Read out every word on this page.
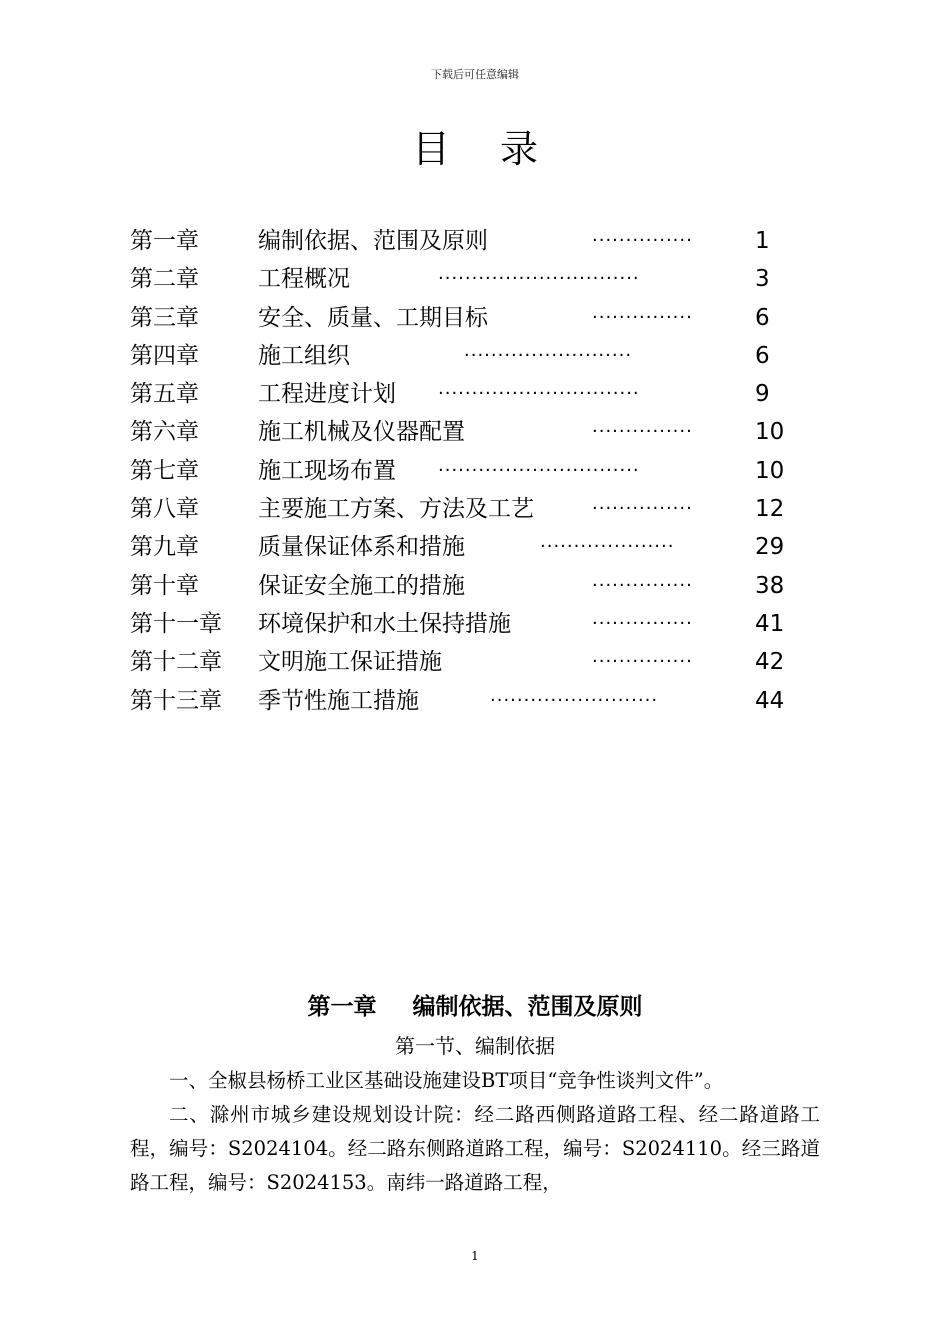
下载后可任意编辑
目录
第一章	编制依据、范围及原则	···············	1
第二章	工程概况	······························	3
第三章	安全、质量、工期目标	···············	6
第四章	施工组织	·························	6
第五章	工程进度计划 ······························	9
第六章	施工机械及仪器配置	···············	10
第七章	施工现场布置 ······························	10
第八章	主要施工方案、方法及工艺	···············	12
第九章	质量保证体系和措施	····················	29
第十章	保证安全施工的措施	···············	38
第十一章 环境保护和水土保持措施	···············	41
第十二章 文明施工保证措施	···············	42
第十三章 季节性施工措施	·························	44
第一章 编制依据、范围及原则
第一节、编制依据

一、全椒县杨桥工业区基础设施建设BT项目“竞争性谈判文件”。

二、滁州市城乡建设规划设计院：经二路西侧路道路工程、经二路道路工程，编号：S2024104。经二路东侧路道路工程，编号：S2024110。经三路道路工程，编号：S2024153。南纬一路道路工程，

1
